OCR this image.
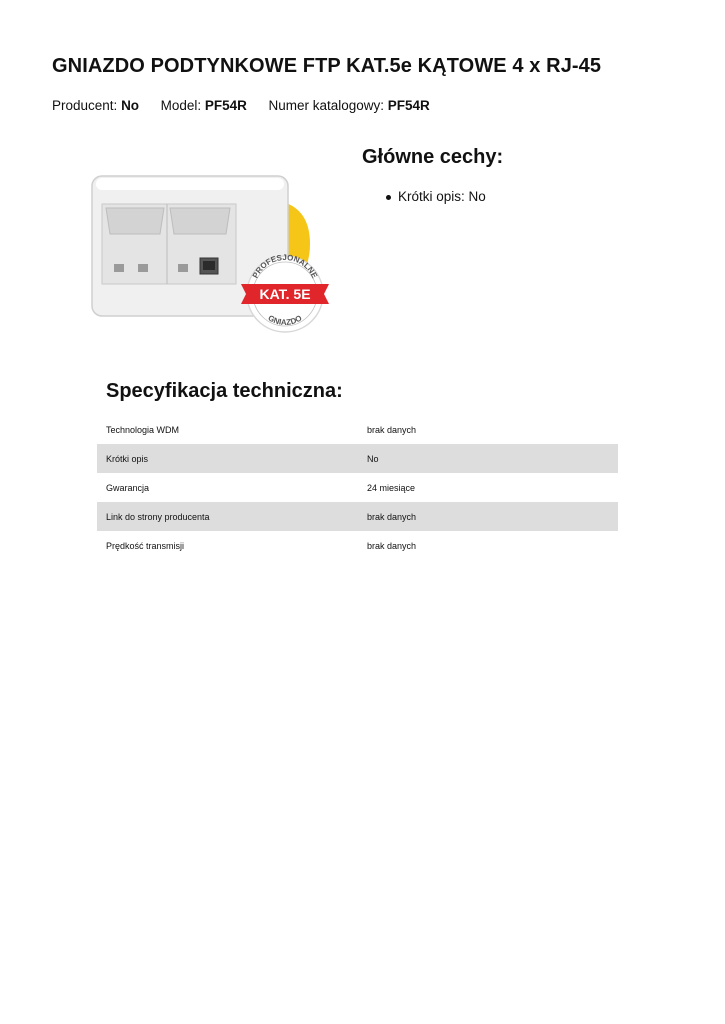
GNIAZDO PODTYNKOWE FTP KAT.5e KĄTOWE 4 x RJ-45
Producent: No Model: PF54R Numer katalogowy: PF54R
PROFESJONALNE
GNIAZDO
KAT. 5E
Główne cechy:
Krótki opis: No
Specyfikacja techniczna:
Technologia WDM	brak danych
Krótki opis	No
Gwarancja	24 miesiące
Link do strony producenta	brak danych
Prędkość transmisji	brak danych
